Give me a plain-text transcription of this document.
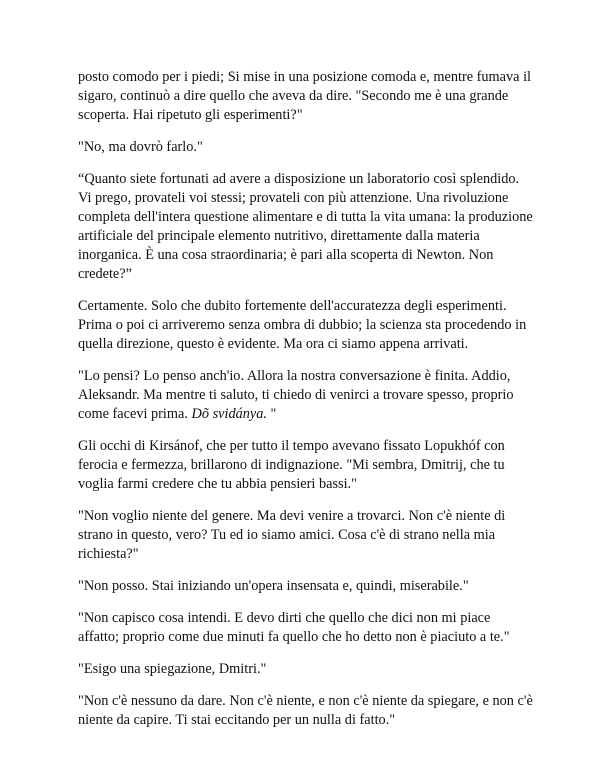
posto comodo per i piedi; Si mise in una posizione comoda e, mentre fumava il sigaro, continuò a dire quello che aveva da dire. "Secondo me è una grande scoperta. Hai ripetuto gli esperimenti?"

"No, ma dovrò farlo."

“Quanto siete fortunati ad avere a disposizione un laboratorio così splendido. Vi prego, provateli voi stessi; provateli con più attenzione. Una rivoluzione completa dell'intera questione alimentare e di tutta la vita umana: la produzione artificiale del principale elemento nutritivo, direttamente dalla materia inorganica. È una cosa straordinaria; è pari alla scoperta di Newton. Non credete?”

Certamente. Solo che dubito fortemente dell'accuratezza degli esperimenti. Prima o poi ci arriveremo senza ombra di dubbio; la scienza sta procedendo in quella direzione, questo è evidente. Ma ora ci siamo appena arrivati.

"Lo pensi? Lo penso anch'io. Allora la nostra conversazione è finita. Addio, Aleksandr. Ma mentre ti saluto, ti chiedo di venirci a trovare spesso, proprio come facevi prima. Dõ svidánya. "

Gli occhi di Kirsánof, che per tutto il tempo avevano fissato Lopukhóf con ferocia e fermezza, brillarono di indignazione. "Mi sembra, Dmitrij, che tu voglia farmi credere che tu abbia pensieri bassi."

"Non voglio niente del genere. Ma devi venire a trovarci. Non c'è niente di strano in questo, vero? Tu ed io siamo amici. Cosa c'è di strano nella mia richiesta?"

"Non posso. Stai iniziando un'opera insensata e, quindi, miserabile."

"Non capisco cosa intendi. E devo dirti che quello che dici non mi piace affatto; proprio come due minuti fa quello che ho detto non è piaciuto a te."

"Esigo una spiegazione, Dmitri."

"Non c'è nessuno da dare. Non c'è niente, e non c'è niente da spiegare, e non c'è niente da capire. Ti stai eccitando per un nulla di fatto."
